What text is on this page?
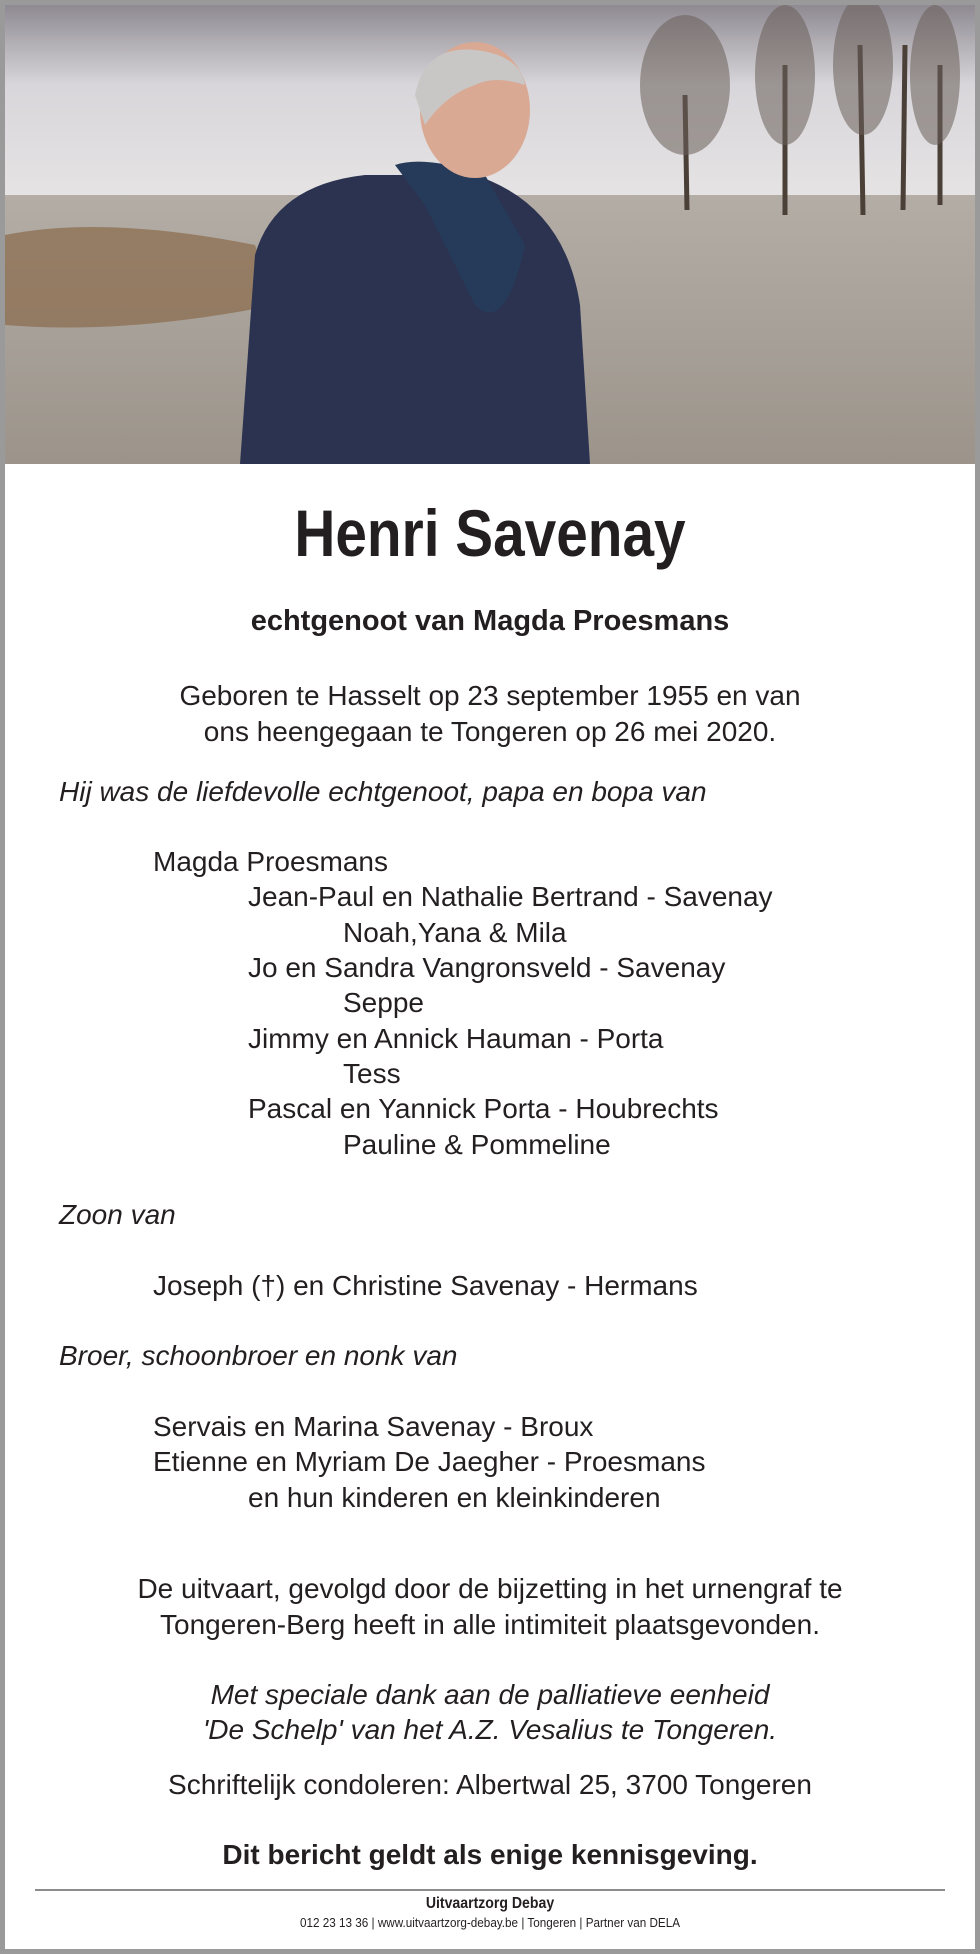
Henri Savenay
echtgenoot van Magda Proesmans
Geboren te Hasselt op 23 september 1955 en van
ons heengegaan te Tongeren op 26 mei 2020.
Hij was de liefdevolle echtgenoot, papa en bopa van
Magda Proesmans
Jean-Paul en Nathalie Bertrand - Savenay
Noah,Yana & Mila
Jo en Sandra Vangronsveld - Savenay
Seppe
Jimmy en Annick Hauman - Porta
Tess
Pascal en Yannick Porta - Houbrechts
Pauline & Pommeline
Zoon van
Joseph (†) en Christine Savenay - Hermans
Broer, schoonbroer en nonk van
Servais en Marina Savenay - Broux
Etienne en Myriam De Jaegher - Proesmans
en hun kinderen en kleinkinderen
De uitvaart, gevolgd door de bijzetting in het urnengraf te
Tongeren-Berg heeft in alle intimiteit plaatsgevonden.
Met speciale dank aan de palliatieve eenheid
'De Schelp' van het A.Z. Vesalius te Tongeren.
Schriftelijk condoleren: Albertwal 25, 3700 Tongeren
Dit bericht geldt als enige kennisgeving.
Uitvaartzorg Debay
012 23 13 36 | www.uitvaartzorg-debay.be | Tongeren | Partner van DELA
